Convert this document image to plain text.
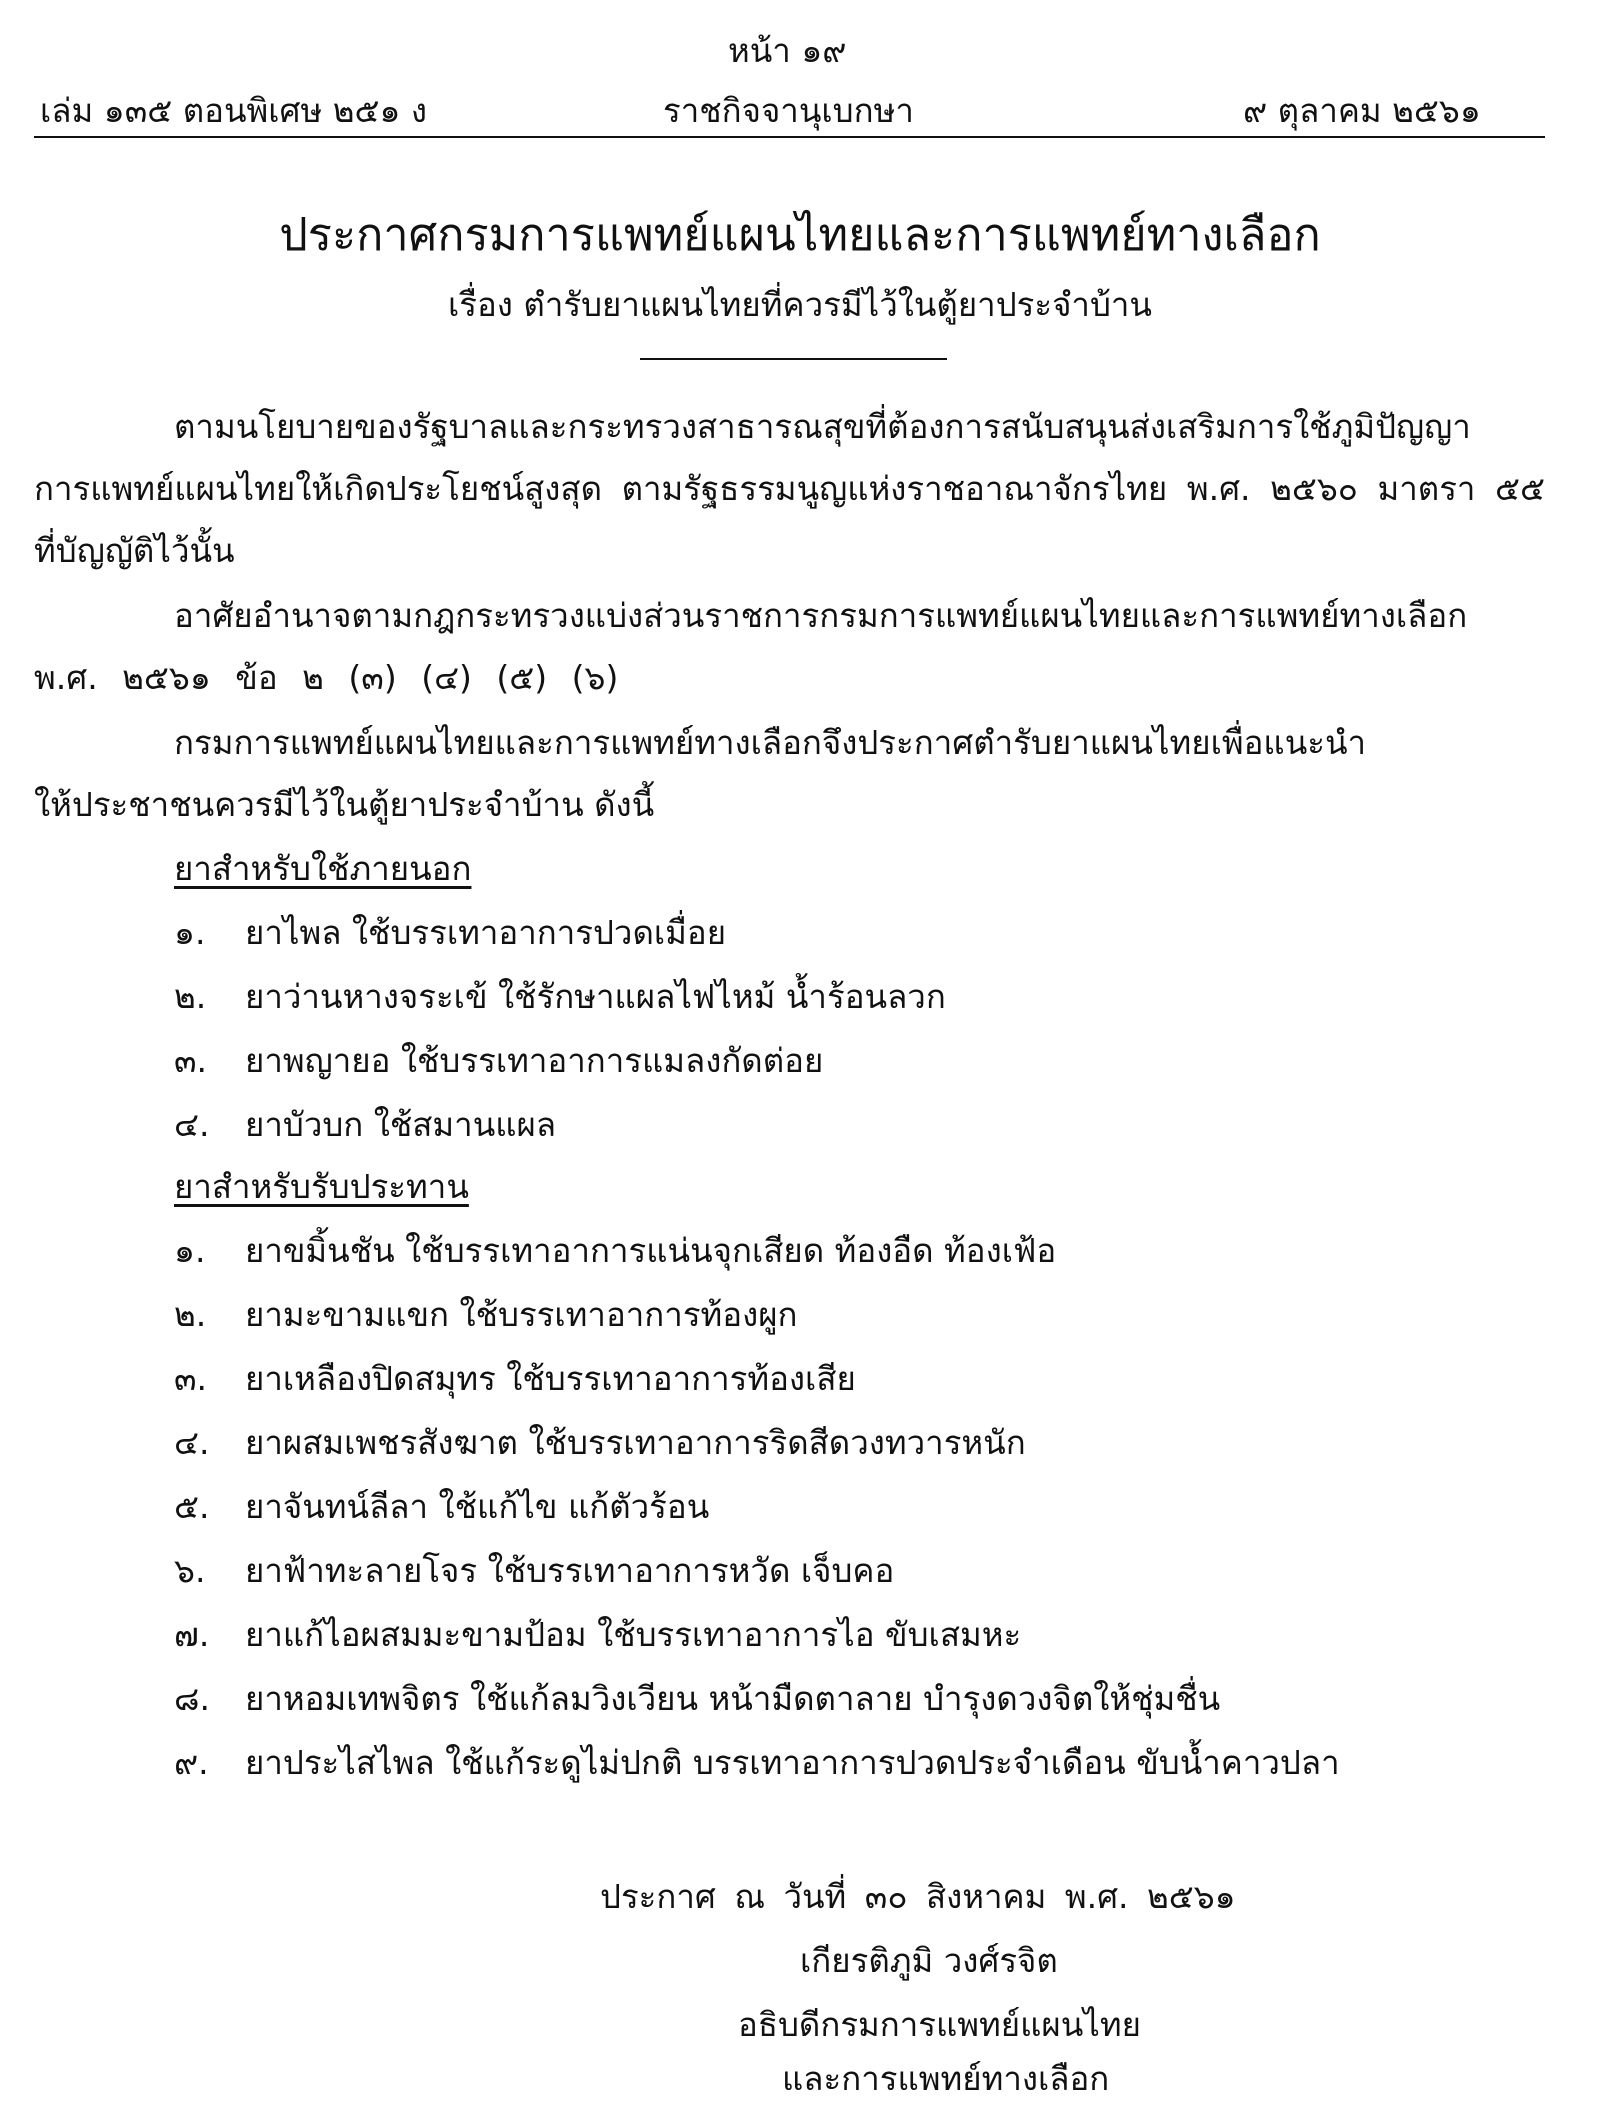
หน้า ๑๙
เล่ม ๑๓๕ ตอนพิเศษ ๒๕๑ ง	ราชกิจจานุเบกษา	๙ ตุลาคม ๒๕๖๑
ประกาศกรมการแพทย์แผนไทยและการแพทย์ทางเลือก
เรื่อง ตำรับยาแผนไทยที่ควรมีไว้ในตู้ยาประจำบ้าน
ตามนโยบายของรัฐบาลและกระทรวงสาธารณสุขที่ต้องการสนับสนุนส่งเสริมการใช้ภูมิปัญญา
การแพทย์แผนไทยให้เกิดประโยชน์สูงสุด ตามรัฐธรรมนูญแห่งราชอาณาจักรไทย พ.ศ. ๒๕๖๐ มาตรา ๕๕
ที่บัญญัติไว้นั้น
อาศัยอำนาจตามกฎกระทรวงแบ่งส่วนราชการกรมการแพทย์แผนไทยและการแพทย์ทางเลือก
พ.ศ. ๒๕๖๑ ข้อ ๒ (๓) (๔) (๕) (๖)
กรมการแพทย์แผนไทยและการแพทย์ทางเลือกจึงประกาศตำรับยาแผนไทยเพื่อแนะนำ
ให้ประชาชนควรมีไว้ในตู้ยาประจำบ้าน ดังนี้
ยาสำหรับใช้ภายนอก
๑. ยาไพล ใช้บรรเทาอาการปวดเมื่อย
๒. ยาว่านหางจระเข้ ใช้รักษาแผลไฟไหม้ น้ำร้อนลวก
๓. ยาพญายอ ใช้บรรเทาอาการแมลงกัดต่อย
๔. ยาบัวบก ใช้สมานแผล
ยาสำหรับรับประทาน
๑. ยาขมิ้นชัน ใช้บรรเทาอาการแน่นจุกเสียด ท้องอืด ท้องเฟ้อ
๒. ยามะขามแขก ใช้บรรเทาอาการท้องผูก
๓. ยาเหลืองปิดสมุทร ใช้บรรเทาอาการท้องเสีย
๔. ยาผสมเพชรสังฆาต ใช้บรรเทาอาการริดสีดวงทวารหนัก
๕. ยาจันทน์ลีลา ใช้แก้ไข แก้ตัวร้อน
๖. ยาฟ้าทะลายโจร ใช้บรรเทาอาการหวัด เจ็บคอ
๗. ยาแก้ไอผสมมะขามป้อม ใช้บรรเทาอาการไอ ขับเสมหะ
๘. ยาหอมเทพจิตร ใช้แก้ลมวิงเวียน หน้ามืดตาลาย บำรุงดวงจิตให้ชุ่มชื่น
๙. ยาประไสไพล ใช้แก้ระดูไม่ปกติ บรรเทาอาการปวดประจำเดือน ขับน้ำคาวปลา
ประกาศ ณ วันที่ ๓๐ สิงหาคม พ.ศ. ๒๕๖๑
เกียรติภูมิ วงศ์รจิต
อธิบดีกรมการแพทย์แผนไทย
และการแพทย์ทางเลือก
